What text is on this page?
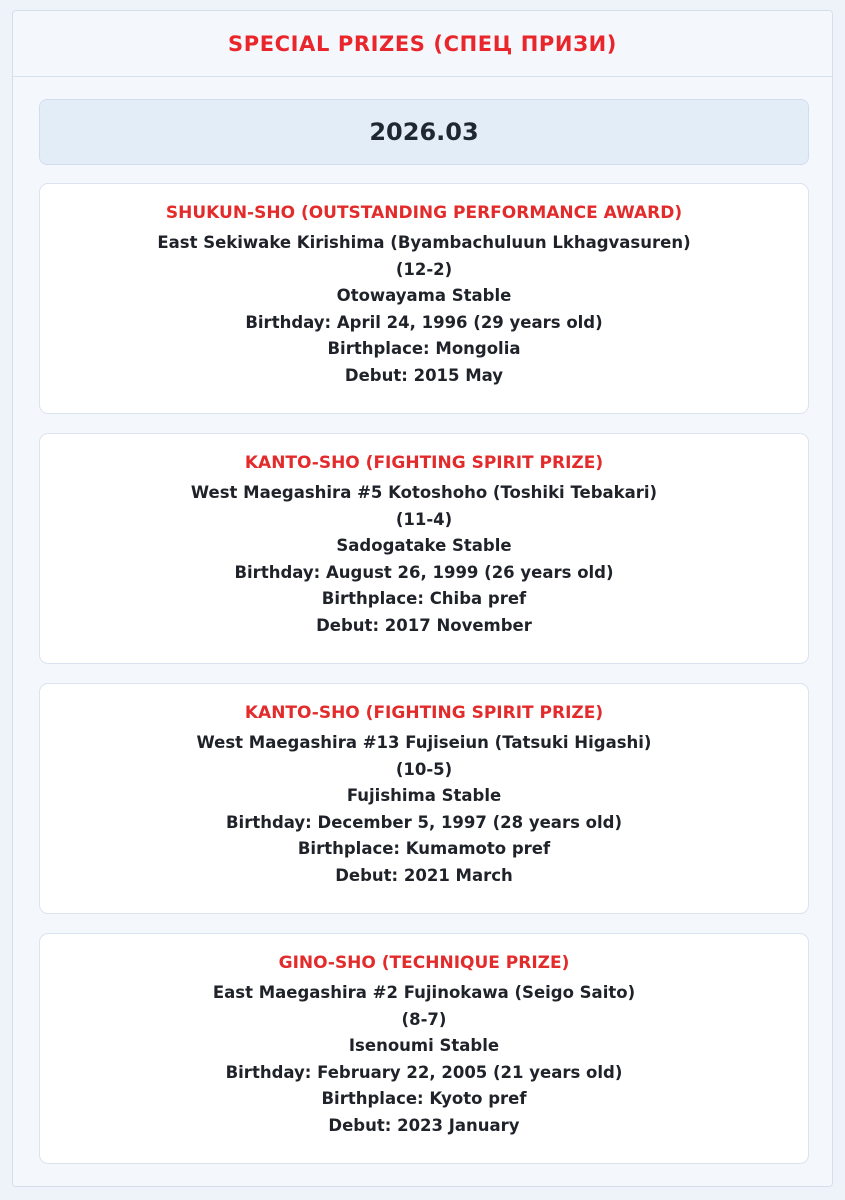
SPECIAL PRIZES (СПЕЦ ПРИЗИ)
2026.03
SHUKUN-SHO (OUTSTANDING PERFORMANCE AWARD)
East Sekiwake Kirishima (Byambachuluun Lkhagvasuren)
(12-2)
Otowayama Stable
Birthday: April 24, 1996 (29 years old)
Birthplace: Mongolia
Debut: 2015 May
KANTO-SHO (FIGHTING SPIRIT PRIZE)
West Maegashira #5 Kotoshoho (Toshiki Tebakari)
(11-4)
Sadogatake Stable
Birthday: August 26, 1999 (26 years old)
Birthplace: Chiba pref
Debut: 2017 November
KANTO-SHO (FIGHTING SPIRIT PRIZE)
West Maegashira #13 Fujiseiun (Tatsuki Higashi)
(10-5)
Fujishima Stable
Birthday: December 5, 1997 (28 years old)
Birthplace: Kumamoto pref
Debut: 2021 March
GINO-SHO (TECHNIQUE PRIZE)
East Maegashira #2 Fujinokawa (Seigo Saito)
(8-7)
Isenoumi Stable
Birthday: February 22, 2005 (21 years old)
Birthplace: Kyoto pref
Debut: 2023 January
